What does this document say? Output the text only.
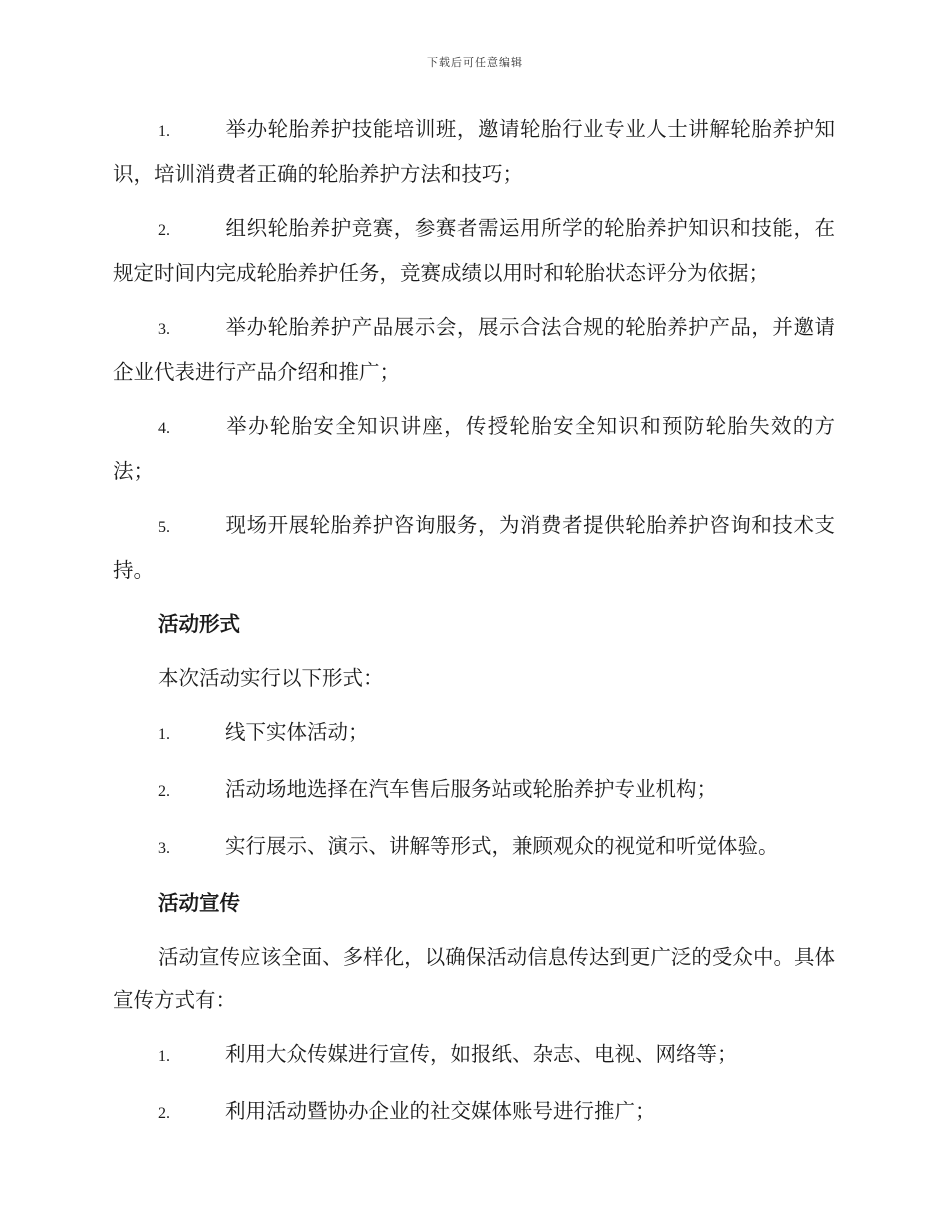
下载后可任意编辑
1.	举办轮胎养护技能培训班，邀请轮胎行业专业人士讲解轮胎养护知识，培训消费者正确的轮胎养护方法和技巧；
2.	组织轮胎养护竞赛，参赛者需运用所学的轮胎养护知识和技能，在规定时间内完成轮胎养护任务，竞赛成绩以用时和轮胎状态评分为依据；
3.	举办轮胎养护产品展示会，展示合法合规的轮胎养护产品，并邀请企业代表进行产品介绍和推广；
4.	举办轮胎安全知识讲座，传授轮胎安全知识和预防轮胎失效的方法；
5.	现场开展轮胎养护咨询服务，为消费者提供轮胎养护咨询和技术支持。
活动形式
本次活动实行以下形式：
1.	线下实体活动；
2.	活动场地选择在汽车售后服务站或轮胎养护专业机构；
3.	实行展示、演示、讲解等形式，兼顾观众的视觉和听觉体验。
活动宣传
活动宣传应该全面、多样化，以确保活动信息传达到更广泛的受众中。具体宣传方式有：
1.	利用大众传媒进行宣传，如报纸、杂志、电视、网络等；
2.	利用活动暨协办企业的社交媒体账号进行推广；
